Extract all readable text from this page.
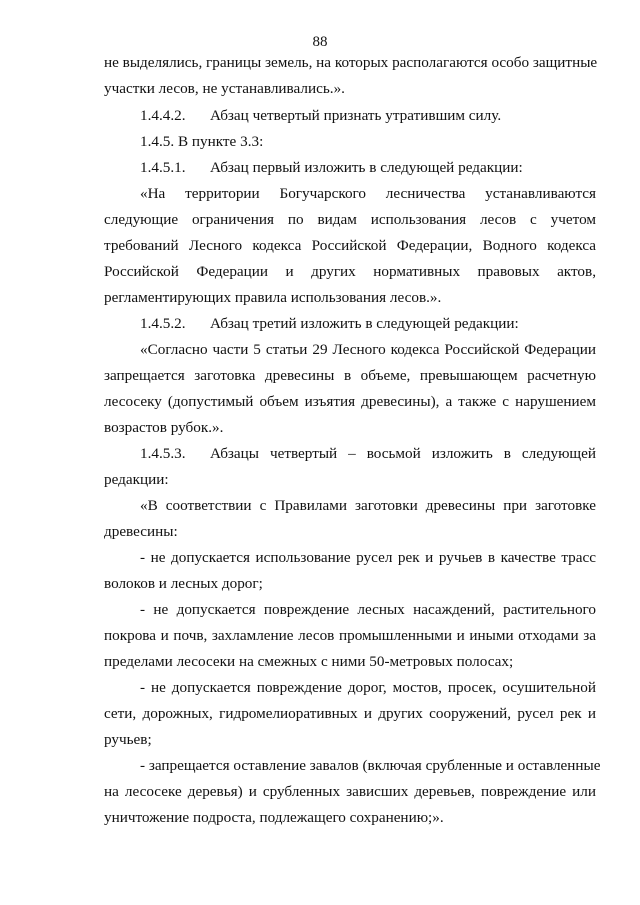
88
не выделялись, границы земель, на которых располагаются особо защитные
участки лесов, не устанавливались.».
1.4.4.2. Абзац четвертый признать утратившим силу.
1.4.5. В пункте 3.3:
1.4.5.1. Абзац первый изложить в следующей редакции:
«На территории Богучарского лесничества устанавливаются
следующие ограничения по видам использования лесов с учетом
требований Лесного кодекса Российской Федерации, Водного кодекса
Российской Федерации и других нормативных правовых актов,
регламентирующих правила использования лесов.».
1.4.5.2. Абзац третий изложить в следующей редакции:
«Согласно части 5 статьи 29 Лесного кодекса Российской Федерации
запрещается заготовка древесины в объеме, превышающем расчетную
лесосеку (допустимый объем изъятия древесины), а также с нарушением
возрастов рубок.».
1.4.5.3. Абзацы четвертый – восьмой изложить в следующей
редакции:
«В соответствии с Правилами заготовки древесины при заготовке
древесины:
- не допускается использование русел рек и ручьев в качестве трасс
волоков и лесных дорог;
- не допускается повреждение лесных насаждений, растительного
покрова и почв, захламление лесов промышленными и иными отходами за
пределами лесосеки на смежных с ними 50-метровых полосах;
- не допускается повреждение дорог, мостов, просек, осушительной
сети, дорожных, гидромелиоративных и других сооружений, русел рек и
ручьев;
- запрещается оставление завалов (включая срубленные и оставленные
на лесосеке деревья) и срубленных зависших деревьев, повреждение или
уничтожение подроста, подлежащего сохранению;».
